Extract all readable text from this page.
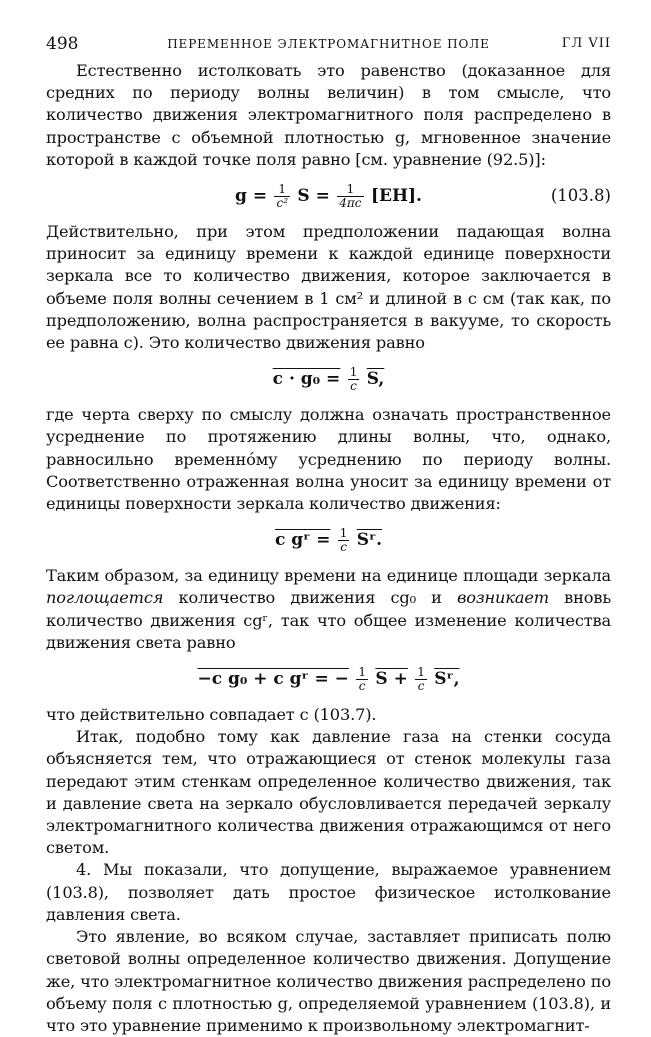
498	ПЕРЕМЕННОЕ ЭЛЕКТРОМАГНИТНОЕ ПОЛЕ	ГЛ VII

Естественно истолковать это равенство (доказанное для средних по периоду волны величин) в том смысле, что количество движения электромагнитного поля распределено в пространстве с объемной плотностью g, мгновенное значение которой в каждой точке поля равно [см. уравнение (92.5)]:

$g = \frac{1}{\text{c²}}$ $S = \frac{1}{4\pi c} [EH]$.	(103.8)

Действительно, при этом предположении падающая волна приносит за единицу времени к каждой единице поверхности зеркала все то количество движения, которое заключается в объеме поля волны сечением в 1 см² и длиной в c см (так как, по предположению, волна распространяется в вакууме, то скорость ее равна c). Это количество движения равно

$c \cdot g_0 = \frac{1}{c} S$,

где черта сверху по смыслу должна означать пространственное усреднение по протяжению длины волны, что, однако, равносильно временно́му усреднению по периоду волны. Соответственно отраженная волна уносит за единицу времени от единицы поверхности зеркала количество движения:

c gʳ = $\frac{1}{c}$ Sʳ.

Таким образом, за единицу времени на единице площади зеркала поглощается количество движения cg₀ и возникает вновь количество движения cgʳ, так что общее изменение количества движения света равно

−c g₀ + c gʳ = − $\frac{1}{c}$ $S + \frac{1}{c}$ Sʳ,

что действительно совпадает с (103.7).

Итак, подобно тому как давление газа на стенки сосуда объясняется тем, что отражающиеся от стенок молекулы газа передают этим стенкам определенное количество движения, так и давление света на зеркало обусловливается передачей зеркалу электромагнитного количества движения отражающимся от него светом.

4. Мы показали, что допущение, выражаемое уравнением (103.8), позволяет дать простое физическое истолкование давления света.

Это явление, во всяком случае, заставляет приписать полю световой волны определенное количество движения. Допущение же, что электромагнитное количество движения распределено по объему поля с плотностью g, определяемой уравнением (103.8), и что это уравнение применимо к произвольному электромагнит-
